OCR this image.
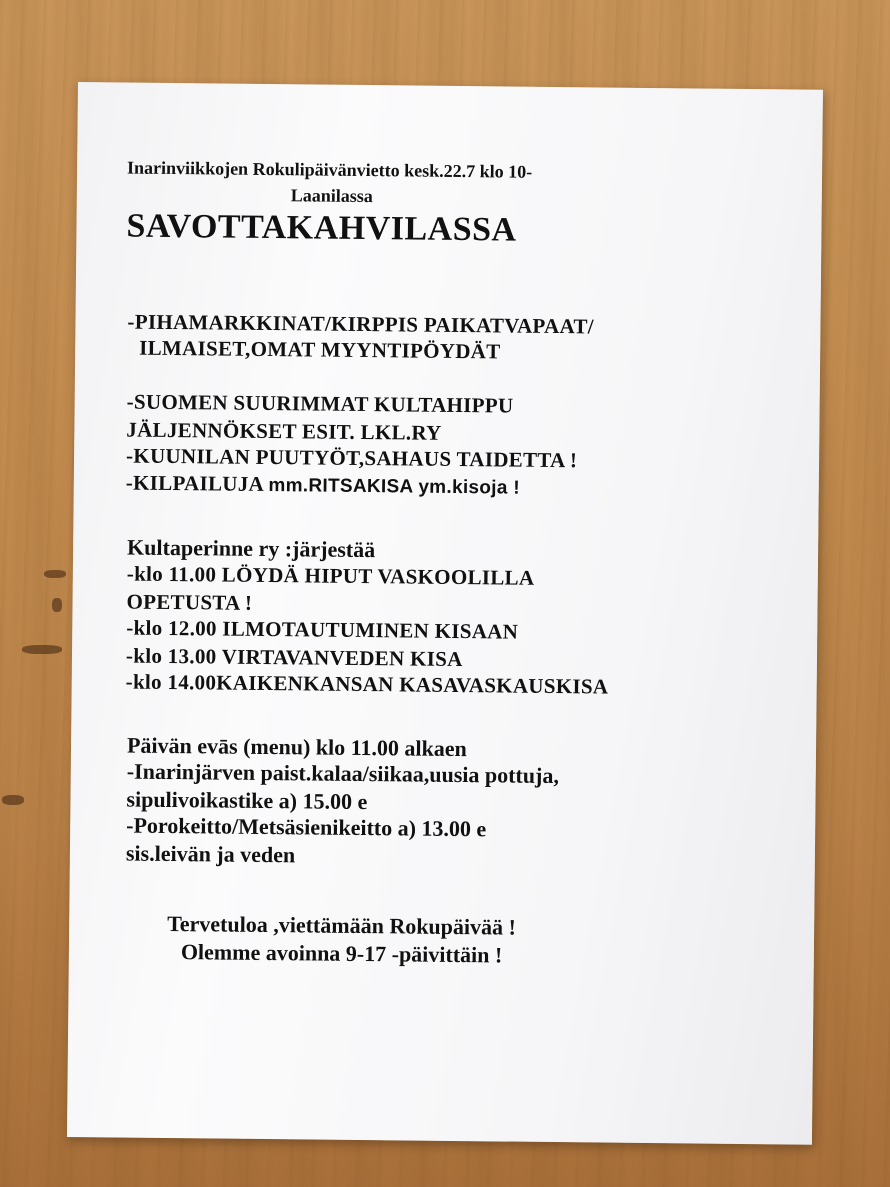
Inarinviikkojen Rokulipäivänvietto kesk.22.7 klo 10-
Laanilassa
SAVOTTAKAHVILASSA
-PIHAMARKKINAT/KIRPPIS PAIKATVAPAAT/
ILMAISET,OMAT MYYNTIPÖYDÄT
-SUOMEN SUURIMMAT KULTAHIPPU
JÄLJENNÖKSET ESIT. LKL.RY
-KUUNILAN PUUTYÖT,SAHAUS TAIDETTA !
-KILPAILUJA mm.RITSAKISA ym.kisoja !
Kultaperinne ry :järjestää
-klo 11.00 LÖYDÄ HIPUT VASKOOLILLA
OPETUSTA !
-klo 12.00 ILMOTAUTUMINEN KISAAN
-klo 13.00 VIRTAVANVEDEN KISA
-klo 14.00KAIKENKANSAN KASAVASKAUSKISA
Päivän evās (menu) klo 11.00 alkaen
-Inarinjärven paist.kalaa/siikaa,uusia pottuja,
sipulivoikastike a) 15.00 e
-Porokeitto/Metsäsienikeitto a) 13.00 e
sis.leivän ja veden
Tervetuloa ,viettämään Rokupäivää !
Olemme avoinna 9-17 -päivittäin !
